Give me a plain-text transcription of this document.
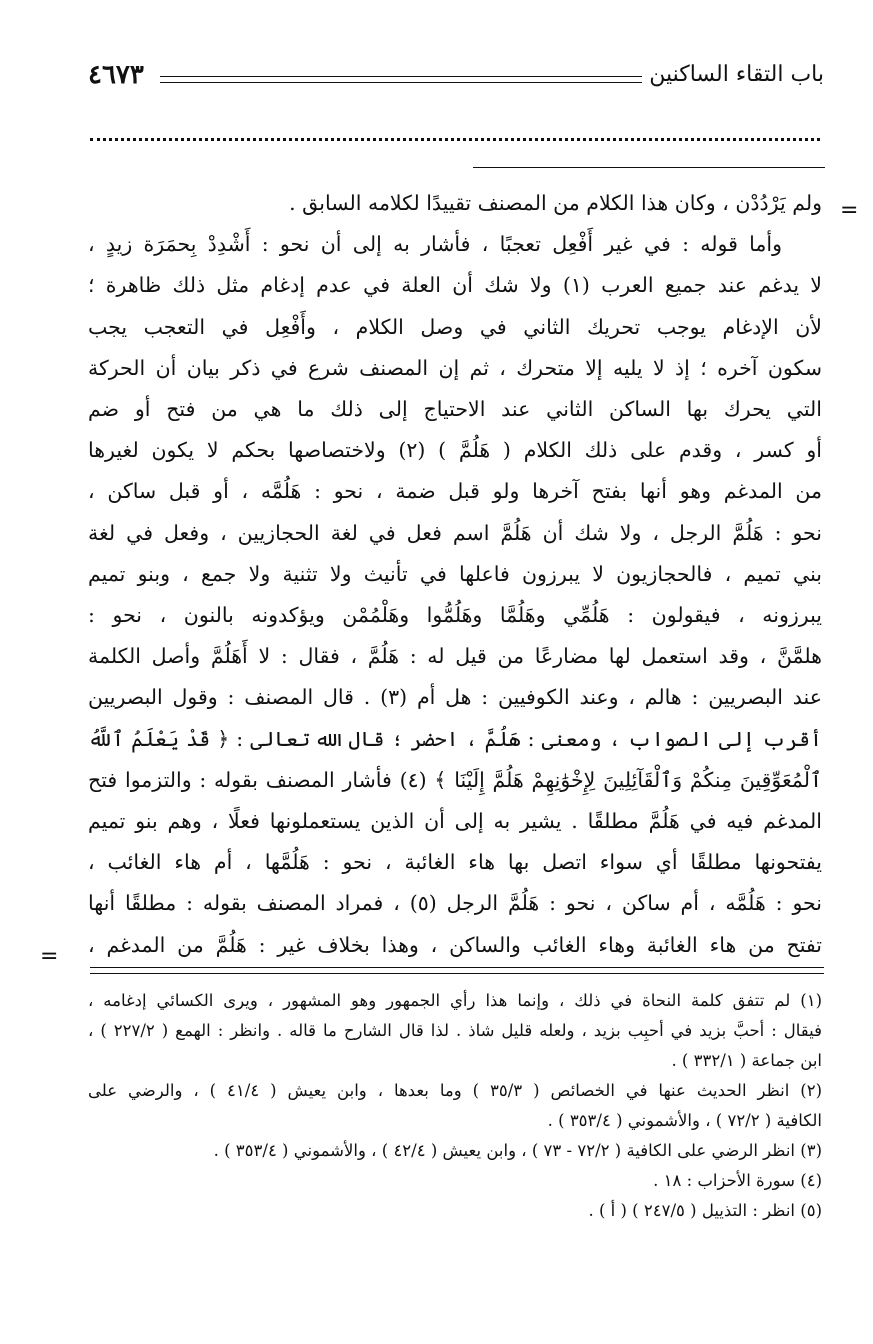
باب التقاء الساكنين
٤٦٧٣
=
=
ولم يَرْدُدْن ، وكان هذا الكلام من المصنف تقييدًا لكلامه السابق .
وأما قوله : في غير أَفْعِل تعجبًا ، فأشار به إلى أن نحو : أَشْدِدْ بِحمَرَة زيدٍ ،
لا يدغم عند جميع العرب (١) ولا شك أن العلة في عدم إدغام مثل ذلك ظاهرة ؛
لأن الإدغام يوجب تحريك الثاني في وصل الكلام ، وأَفْعِل في التعجب يجب
سكون آخره ؛ إذ لا يليه إلا متحرك ، ثم إن المصنف شرع في ذكر بيان أن الحركة
التي يحرك بها الساكن الثاني عند الاحتياج إلى ذلك ما هي من فتح أو ضم
أو كسر ، وقدم على ذلك الكلام ( هَلُمَّ ) (٢) ولاختصاصها بحكم لا يكون لغيرها
من المدغم وهو أنها بفتح آخرها ولو قبل ضمة ، نحو : هَلُمَّه ، أو قبل ساكن ،
نحو : هَلُمَّ الرجل ، ولا شك أن هَلُمَّ اسم فعل في لغة الحجازيين ، وفعل في لغة
بني تميم ، فالحجازيون لا يبرزون فاعلها في تأنيث ولا تثنية ولا جمع ، وبنو تميم
يبرزونه ، فيقولون : هَلُمِّي وهَلُمَّا وهَلُمُّوا وهَلْمُمْن ويؤكدونه بالنون ، نحو :
هلمَّنَّ ، وقد استعمل لها مضارعًا من قيل له : هَلُمَّ ، فقال : لا أَهَلُمَّ وأصل الكلمة
عند البصريين : هالم ، وعند الكوفيين : هل أم (٣) . قال المصنف : وقول البصريين
أقرب إلى الصواب ، ومعنى : هَلُمَّ ، احضر ؛ قال الله تعالى : ﴿ قَدْ يَعْلَمُ ٱللَّهُ
ٱلْمُعَوِّقِينَ مِنكُمْ وَٱلْقَآئِلِينَ لِإِخْوَٰنِهِمْ هَلُمَّ إِلَيْنَا ﴾ (٤) فأشار المصنف بقوله : والتزموا فتح
المدغم فيه في هَلُمَّ مطلقًا . يشير به إلى أن الذين يستعملونها فعلًا ، وهم بنو تميم
يفتحونها مطلقًا أي سواء اتصل بها هاء الغائبة ، نحو : هَلُمَّها ، أم هاء الغائب ،
نحو : هَلُمَّه ، أم ساكن ، نحو : هَلُمَّ الرجل (٥) ، فمراد المصنف بقوله : مطلقًا أنها
تفتح من هاء الغائبة وهاء الغائب والساكن ، وهذا بخلاف غير : هَلُمَّ من المدغم ،
(١) لم تتفق كلمة النحاة في ذلك ، وإنما هذا رأي الجمهور وهو المشهور ، ويرى الكسائي إدغامه ،
فيقال : أحبَّ بزيد في أحبِب بزيد ، ولعله قليل شاذ . لذا قال الشارح ما قاله . وانظر : الهمع ( ٢٢٧/٢ ) ،
ابن جماعة ( ٣٣٢/١ ) .
(٢) انظر الحديث عنها في الخصائص ( ٣٥/٣ ) وما بعدها ، وابن يعيش ( ٤١/٤ ) ، والرضي على
الكافية ( ٧٢/٢ ) ، والأشموني ( ٣٥٣/٤ ) .
(٣) انظر الرضي على الكافية ( ٧٢/٢ - ٧٣ ) ، وابن يعيش ( ٤٢/٤ ) ، والأشموني ( ٣٥٣/٤ ) .
(٤) سورة الأحزاب : ١٨ .
(٥) انظر : التذييل ( ٢٤٧/٥ ) ( أ ) .
